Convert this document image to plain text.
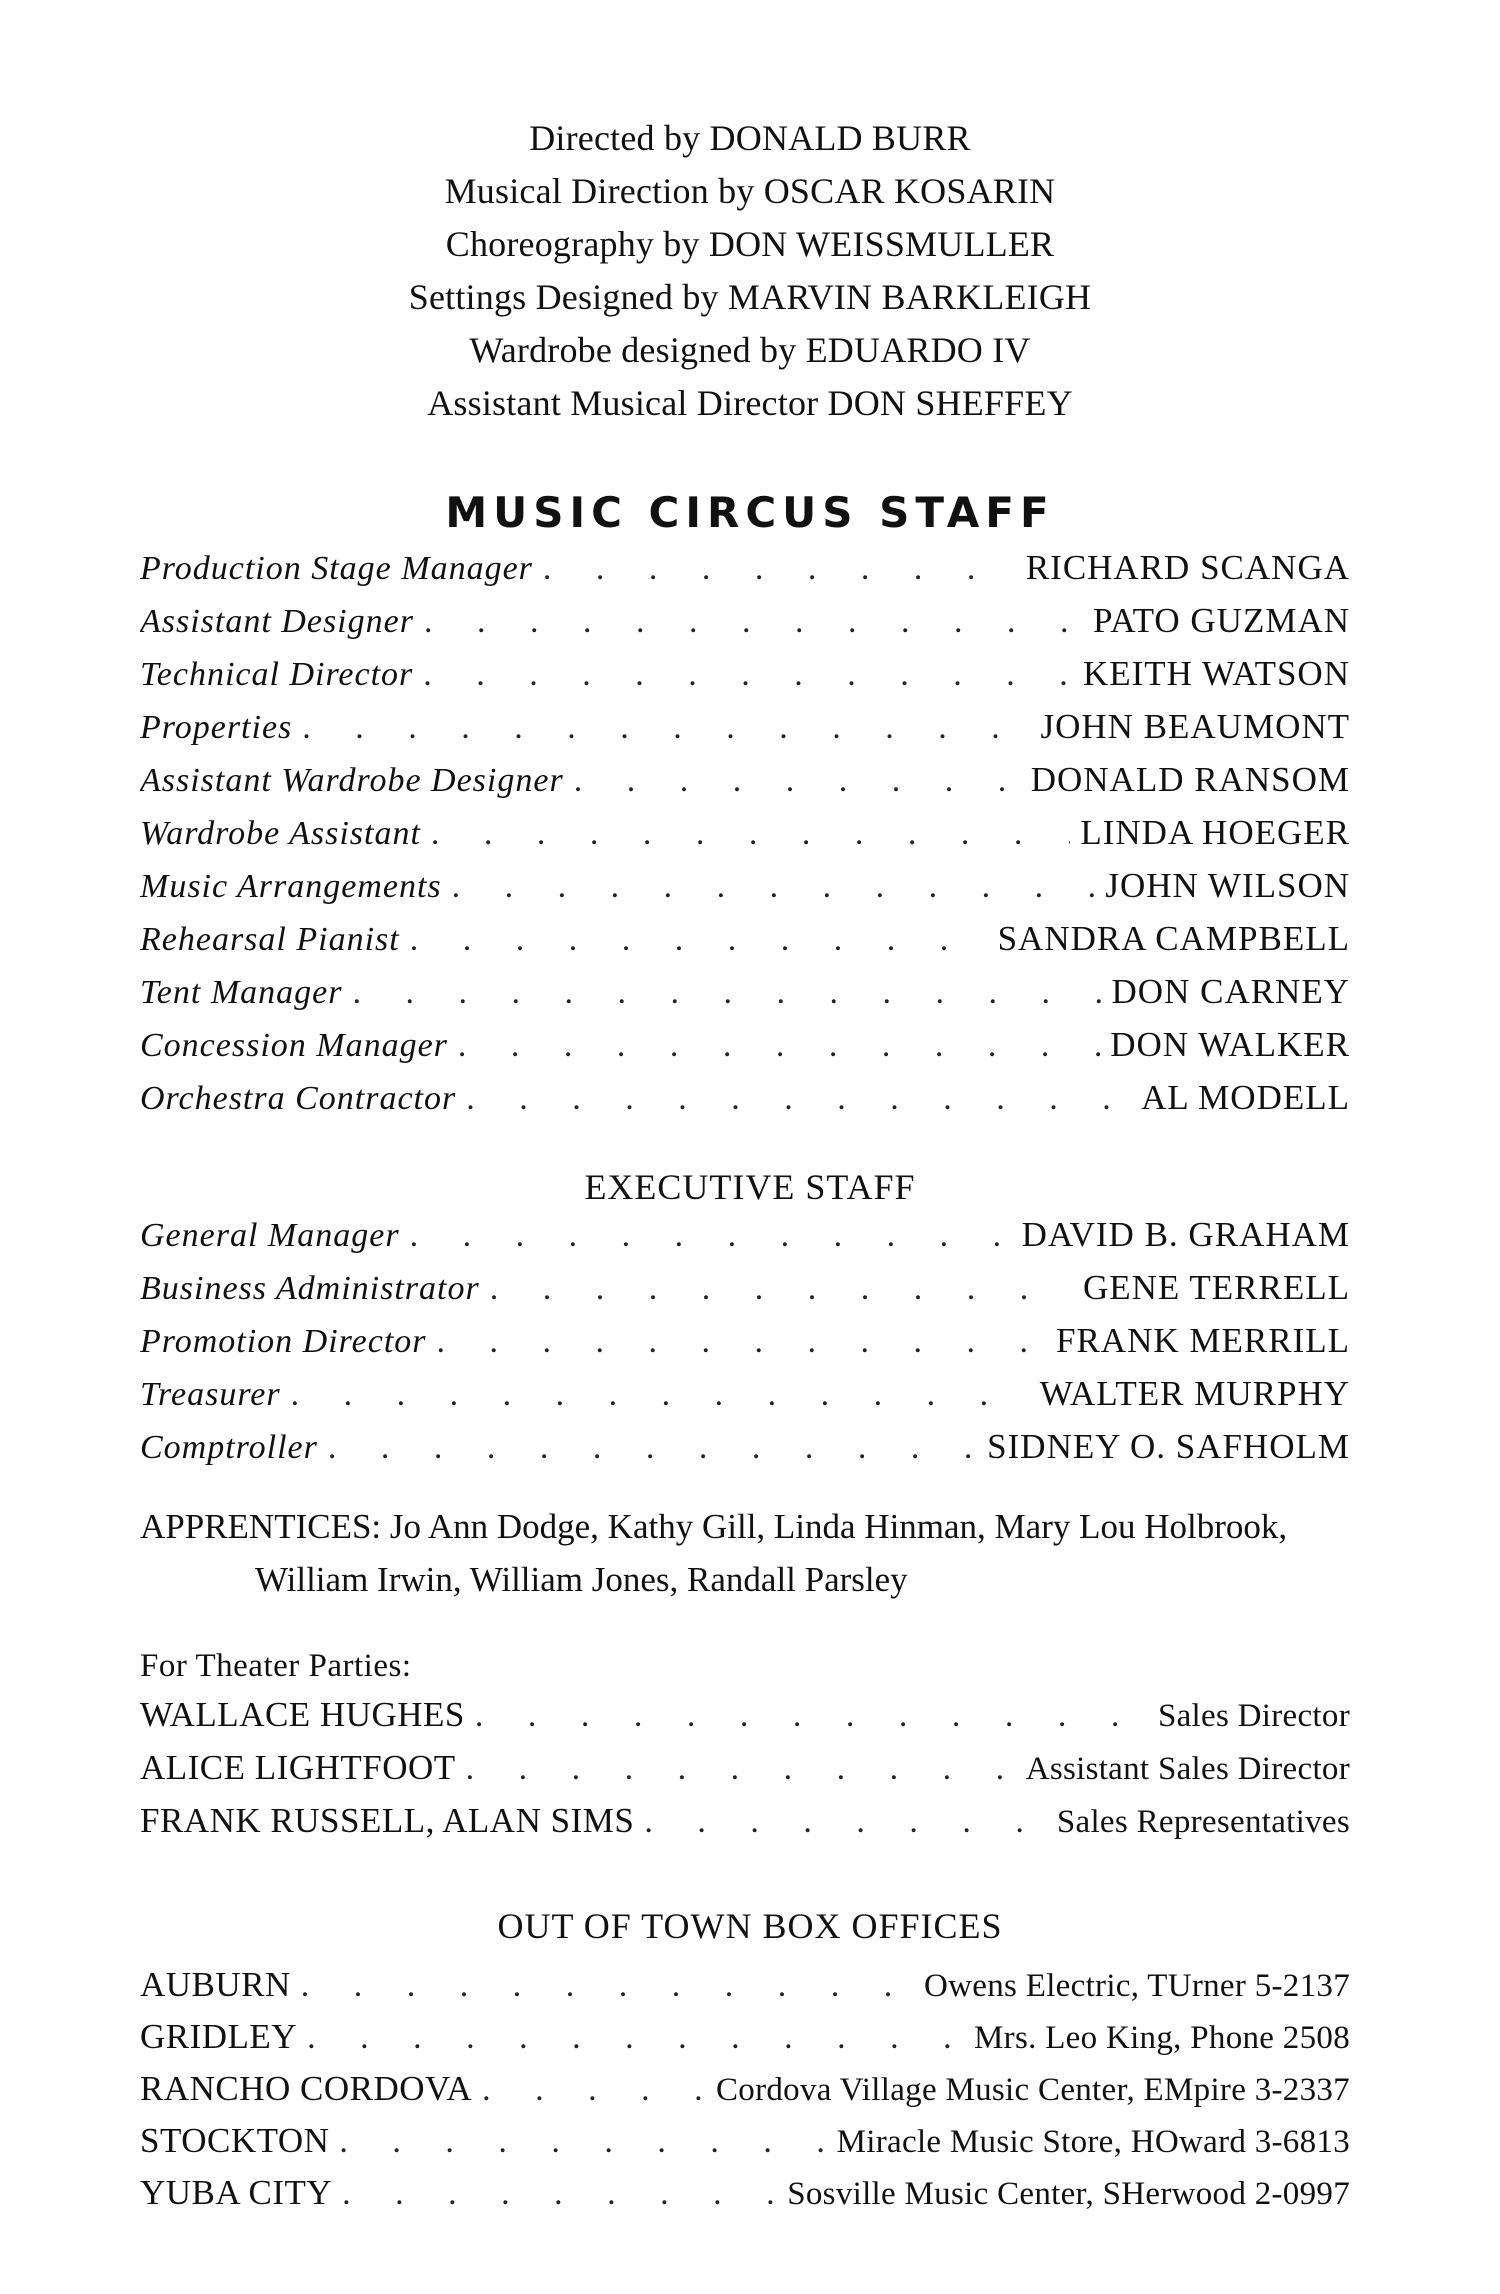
Directed by DONALD BURR
Musical Direction by OSCAR KOSARIN
Choreography by DON WEISSMULLER
Settings Designed by MARVIN BARKLEIGH
Wardrobe designed by EDUARDO IV
Assistant Musical Director DON SHEFFEY
MUSIC CIRCUS STAFF
Production Stage Manager . . .	RICHARD SCANGA
Assistant Designer . . .	PATO GUZMAN
Technical Director . . .	KEITH WATSON
Properties . . .	JOHN BEAUMONT
Assistant Wardrobe Designer . . .	DONALD RANSOM
Wardrobe Assistant . . .	LINDA HOEGER
Music Arrangements . . .	JOHN WILSON
Rehearsal Pianist . . .	SANDRA CAMPBELL
Tent Manager . . .	DON CARNEY
Concession Manager . . .	DON WALKER
Orchestra Contractor . . .	AL MODELL
EXECUTIVE STAFF
General Manager . . .	DAVID B. GRAHAM
Business Administrator . . .	GENE TERRELL
Promotion Director . . .	FRANK MERRILL
Treasurer . . .	WALTER MURPHY
Comptroller . . .	SIDNEY O. SAFHOLM
APPRENTICES: Jo Ann Dodge, Kathy Gill, Linda Hinman, Mary Lou Holbrook,
William Irwin, William Jones, Randall Parsley
For Theater Parties:
WALLACE HUGHES . . .	Sales Director
ALICE LIGHTFOOT . . .	Assistant Sales Director
FRANK RUSSELL, ALAN SIMS . . .	Sales Representatives
OUT OF TOWN BOX OFFICES
AUBURN . . .	Owens Electric, TUrner 5-2137
GRIDLEY . . .	Mrs. Leo King, Phone 2508
RANCHO CORDOVA . . .	Cordova Village Music Center, EMpire 3-2337
STOCKTON . . .	Miracle Music Store, HOward 3-6813
YUBA CITY . . .	Sosville Music Center, SHerwood 2-0997
